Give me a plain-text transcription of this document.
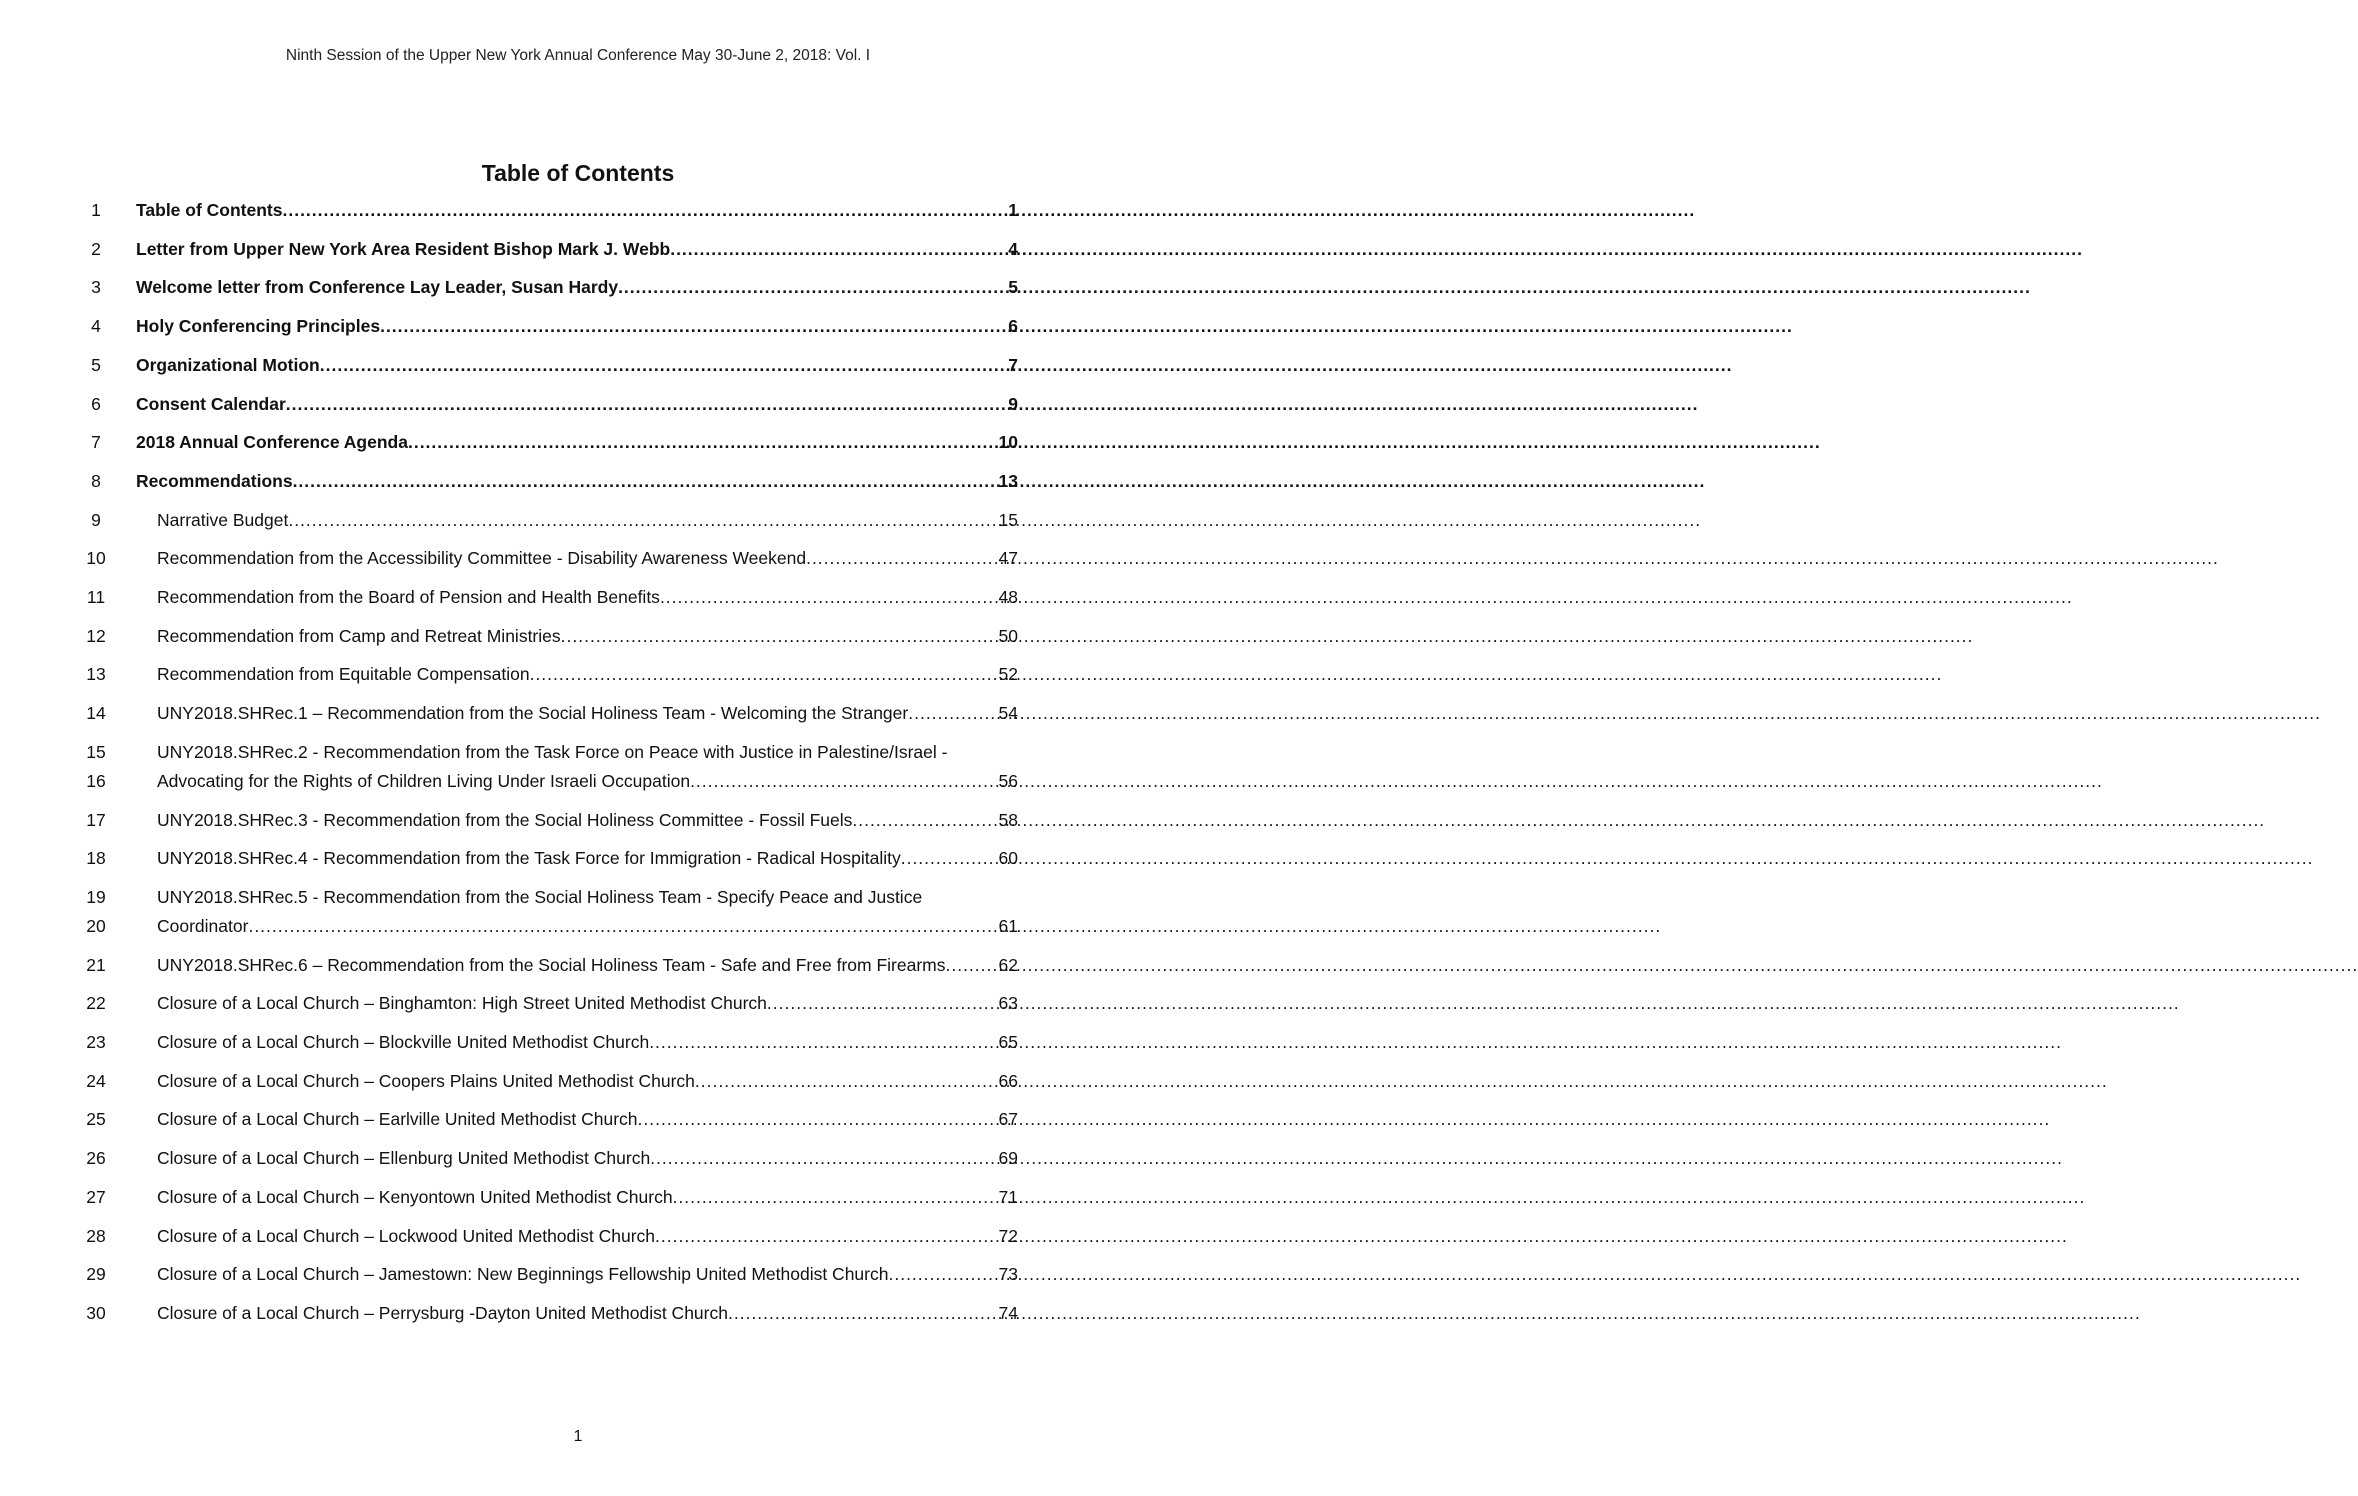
Ninth Session of the Upper New York Annual Conference May 30-June 2, 2018: Vol. I
Table of Contents
1	Table of Contents .....	1
2	Letter from Upper New York Area Resident Bishop Mark J. Webb .....	4
3	Welcome letter from Conference Lay Leader, Susan Hardy .....	5
4	Holy Conferencing Principles .....	6
5	Organizational Motion .....	7
6	Consent Calendar .....	9
7	2018 Annual Conference Agenda .....	10
8	Recommendations .....	13
9	Narrative Budget .....	15
10	Recommendation from the Accessibility Committee - Disability Awareness Weekend .....	47
11	Recommendation from the Board of Pension and Health Benefits .....	48
12	Recommendation from Camp and Retreat Ministries .....	50
13	Recommendation from Equitable Compensation .....	52
14	UNY2018.SHRec.1 – Recommendation from the Social Holiness Team - Welcoming the Stranger .....	54
15	UNY2018.SHRec.2 - Recommendation from the Task Force on Peace with Justice in Palestine/Israel -
16	Advocating for the Rights of Children Living Under Israeli Occupation .....	56
17	UNY2018.SHRec.3 - Recommendation from the Social Holiness Committee - Fossil Fuels .....	58
18	UNY2018.SHRec.4 - Recommendation from the Task Force for Immigration - Radical Hospitality .....	60
19	UNY2018.SHRec.5 - Recommendation from the Social Holiness Team - Specify Peace and Justice
20	Coordinator .....	61
21	UNY2018.SHRec.6 – Recommendation from the Social Holiness Team - Safe and Free from Firearms .....	62
22	Closure of a Local Church – Binghamton: High Street United Methodist Church .....	63
23	Closure of a Local Church – Blockville United Methodist Church .....	65
24	Closure of a Local Church – Coopers Plains United Methodist Church .....	66
25	Closure of a Local Church – Earlville United Methodist Church .....	67
26	Closure of a Local Church – Ellenburg United Methodist Church .....	69
27	Closure of a Local Church – Kenyontown United Methodist Church .....	71
28	Closure of a Local Church – Lockwood United Methodist Church .....	72
29	Closure of a Local Church – Jamestown: New Beginnings Fellowship United Methodist Church .....	73
30	Closure of a Local Church – Perrysburg -Dayton United Methodist Church .....	74
1
